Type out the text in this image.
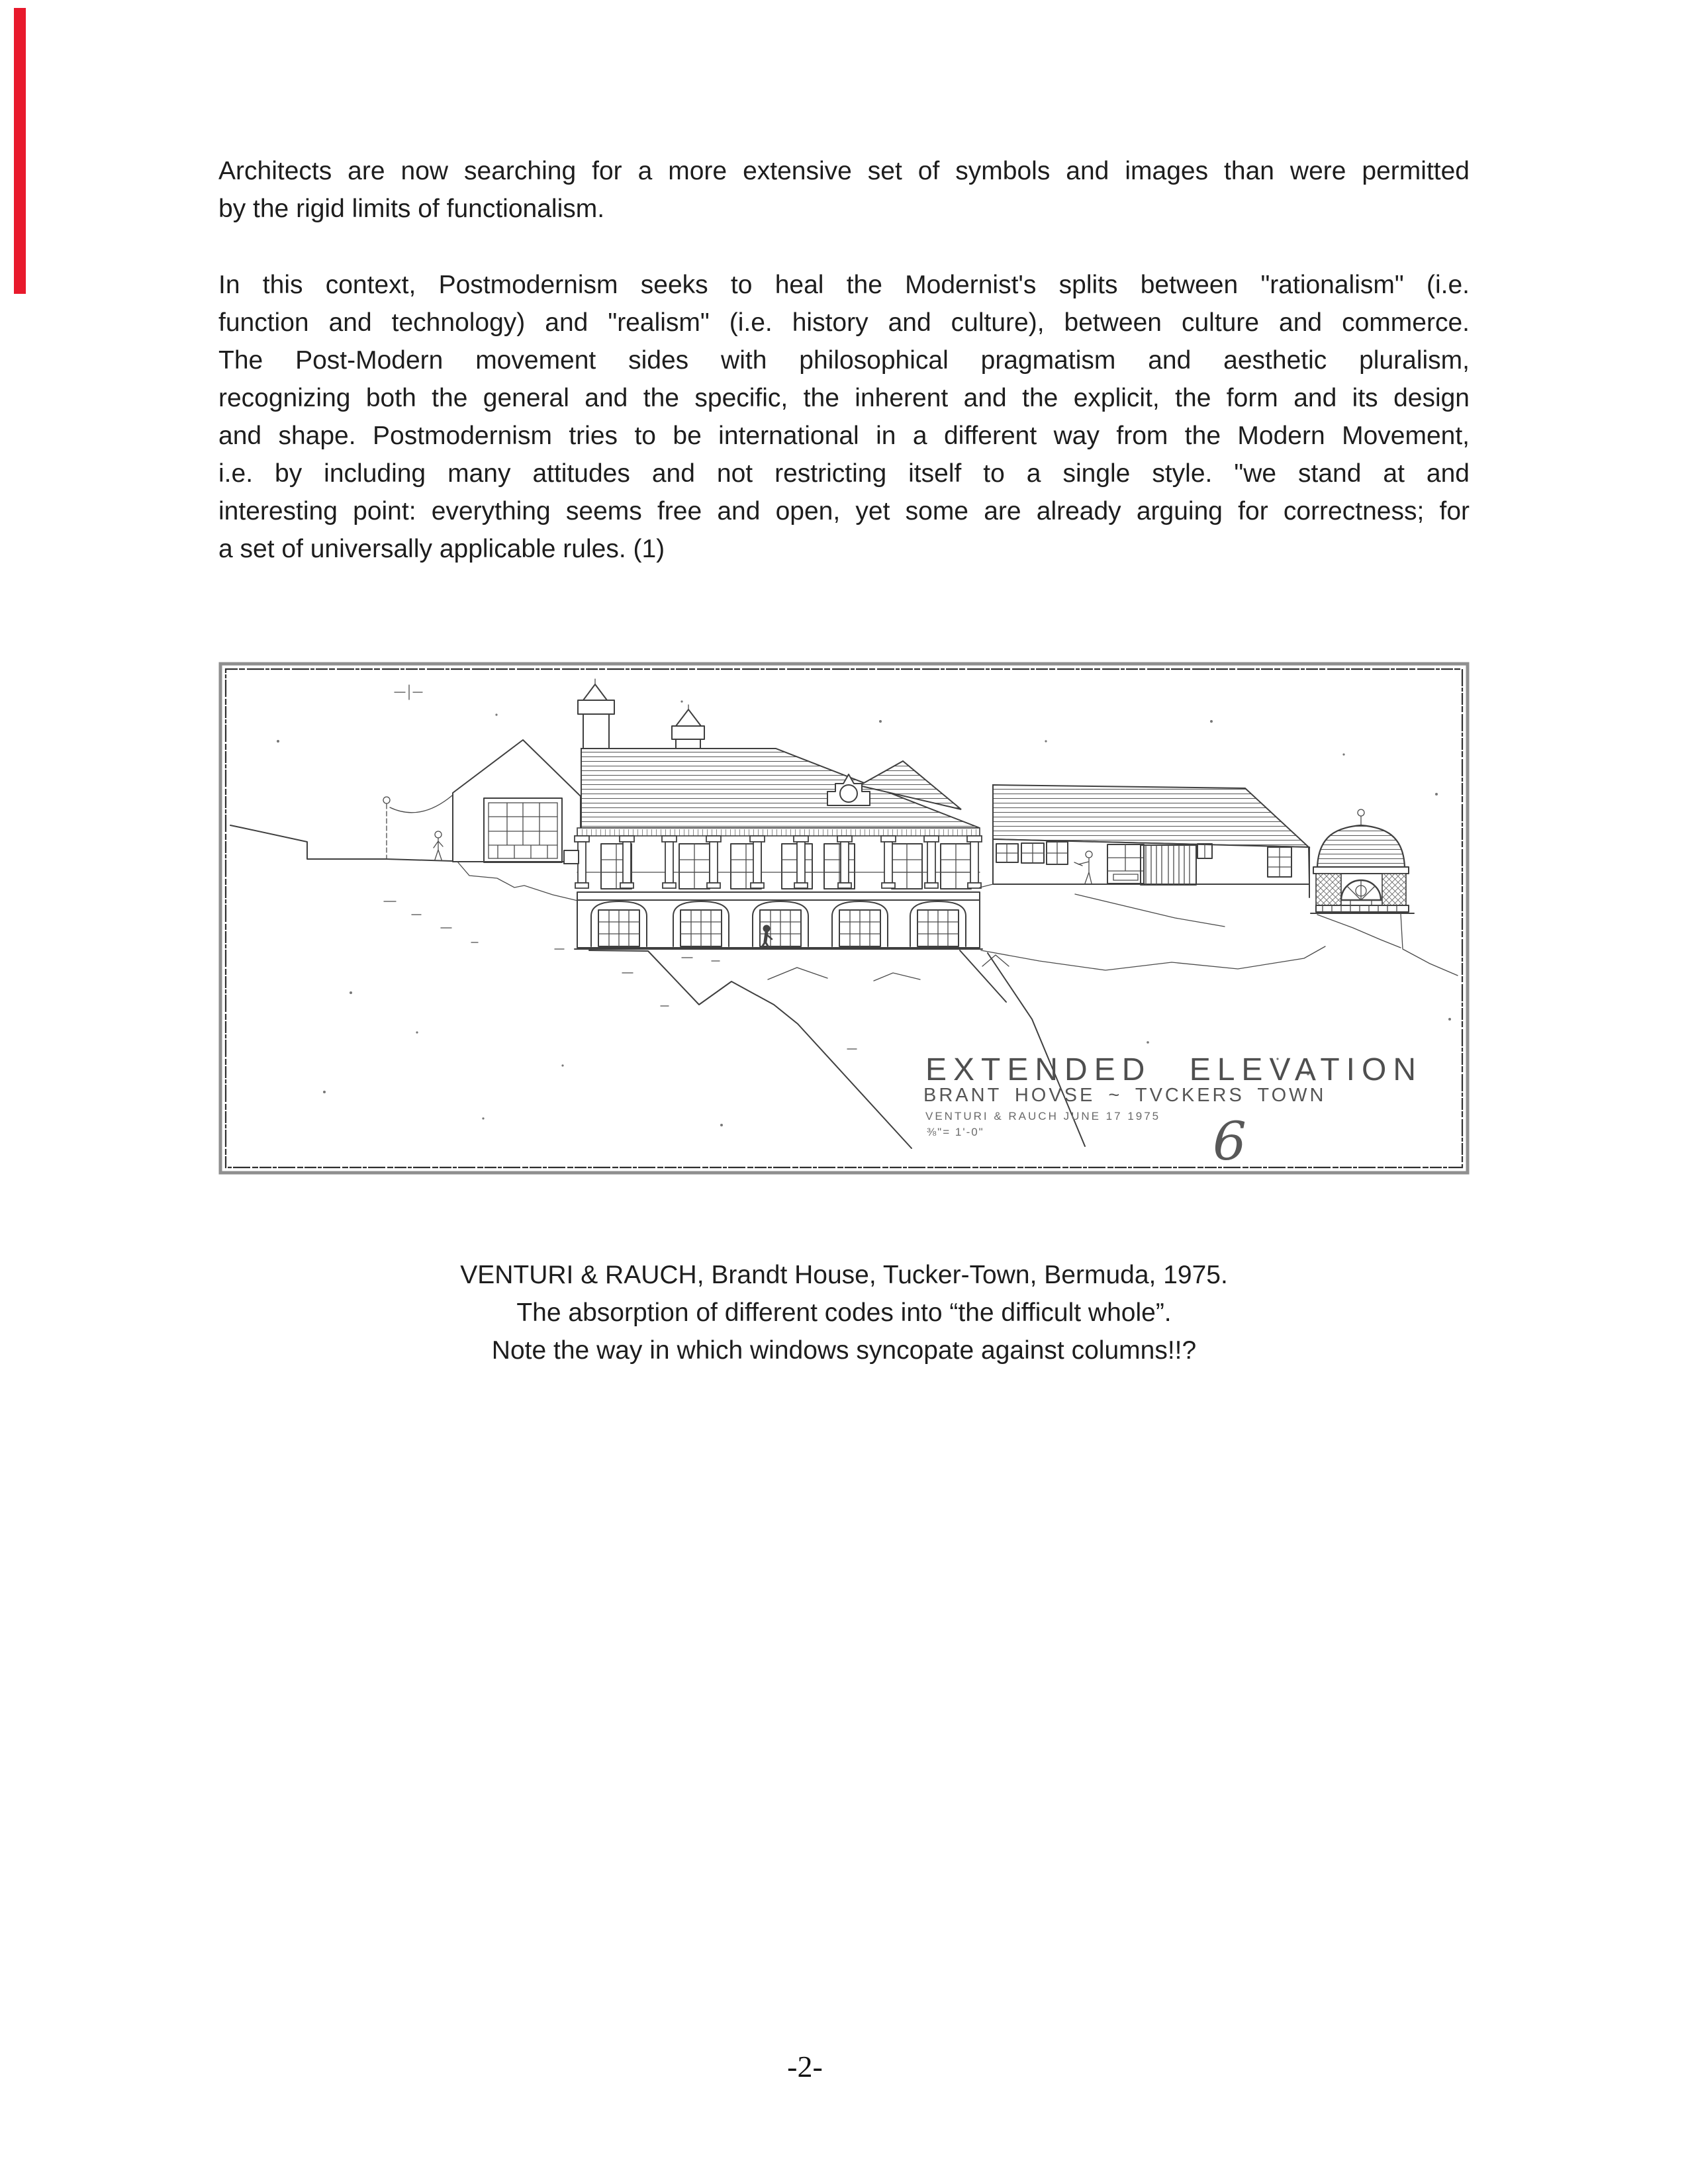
Architects are now searching for a more extensive set of symbols and images than were permitted
by the rigid limits of functionalism.
In this context, Postmodernism seeks to heal the Modernist's splits between "rationalism" (i.e.
function and technology) and "realism" (i.e. history and culture), between culture and commerce.
The Post-Modern movement sides with philosophical pragmatism and aesthetic pluralism,
recognizing both the general and the specific, the inherent and the explicit, the form and its design
and shape. Postmodernism tries to be international in a different way from the Modern Movement,
i.e. by including many attitudes and not restricting itself to a single style. "we stand at and
interesting point: everything seems free and open, yet some are already arguing for correctness; for
a set of universally applicable rules. (1)
EXTENDED ELEVATION
BRANT HOVSE ~ TVCKERS TOWN
VENTURI & RAUCH JUNE 17 1975
⅜"= 1'-0"	6
VENTURI & RAUCH, Brandt House, Tucker-Town, Bermuda, 1975.
The absorption of different codes into “the difficult whole”.
Note the way in which windows syncopate against columns!!?
-2-
